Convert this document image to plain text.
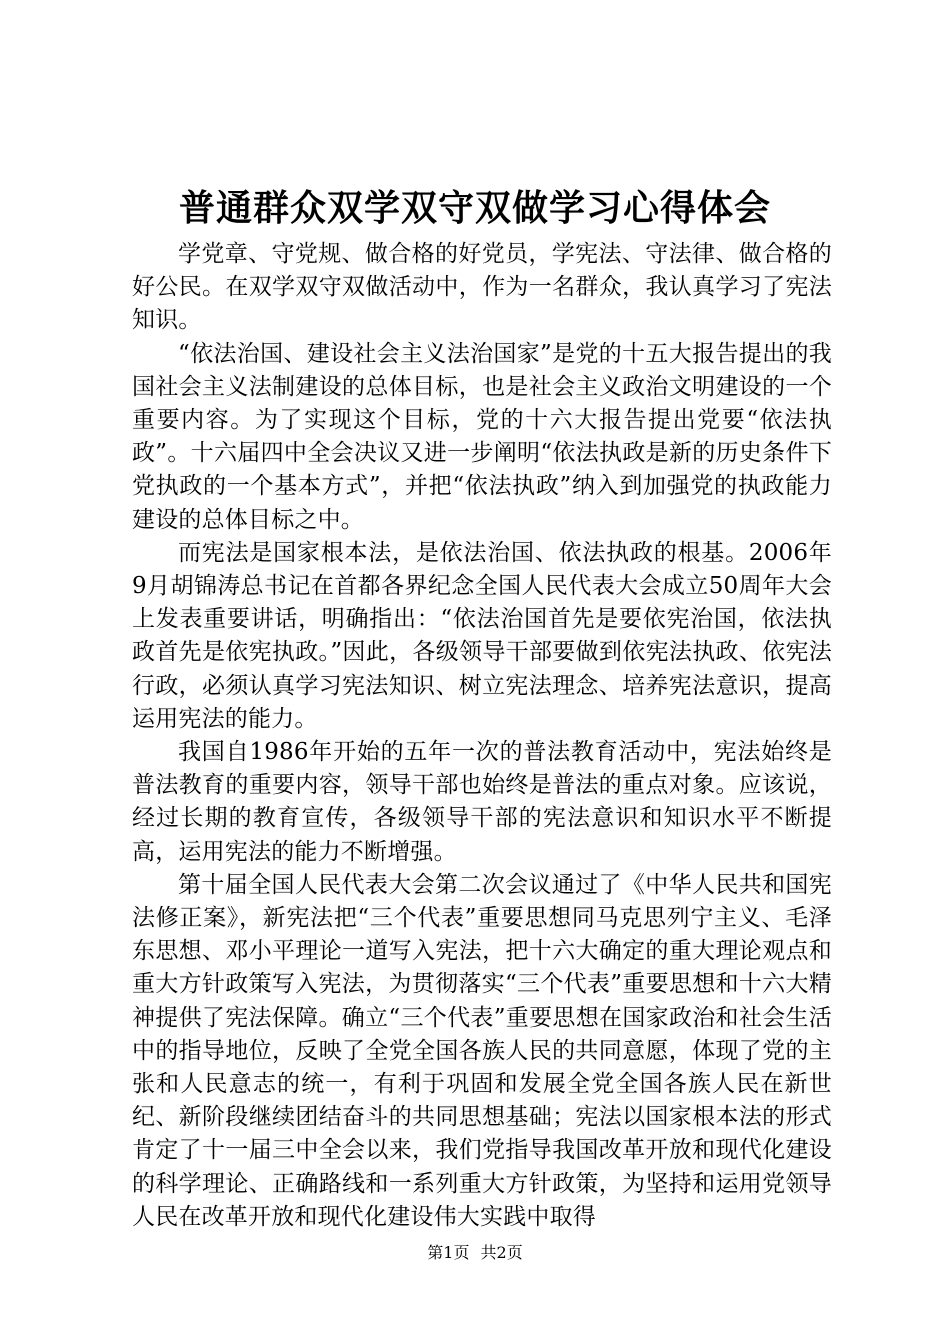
普通群众双学双守双做学习心得体会

学党章、守党规、做合格的好党员，学宪法、守法律、做合格的好公民。在双学双守双做活动中，作为一名群众，我认真学习了宪法知识。

“依法治国、建设社会主义法治国家”是党的十五大报告提出的我国社会主义法制建设的总体目标，也是社会主义政治文明建设的一个重要内容。为了实现这个目标，党的十六大报告提出党要“依法执政”。十六届四中全会决议又进一步阐明“依法执政是新的历史条件下党执政的一个基本方式”，并把“依法执政”纳入到加强党的执政能力建设的总体目标之中。

而宪法是国家根本法，是依法治国、依法执政的根基。2006年9月胡锦涛总书记在首都各界纪念全国人民代表大会成立50周年大会上发表重要讲话，明确指出：“依法治国首先是要依宪治国，依法执政首先是依宪执政。”因此，各级领导干部要做到依宪法执政、依宪法行政，必须认真学习宪法知识、树立宪法理念、培养宪法意识，提高运用宪法的能力。

我国自1986年开始的五年一次的普法教育活动中，宪法始终是普法教育的重要内容，领导干部也始终是普法的重点对象。应该说，经过长期的教育宣传，各级领导干部的宪法意识和知识水平不断提高，运用宪法的能力不断增强。

第十届全国人民代表大会第二次会议通过了《中华人民共和国宪法修正案》，新宪法把“三个代表”重要思想同马克思列宁主义、毛泽东思想、邓小平理论一道写入宪法，把十六大确定的重大理论观点和重大方针政策写入宪法，为贯彻落实“三个代表”重要思想和十六大精神提供了宪法保障。确立“三个代表”重要思想在国家政治和社会生活中的指导地位，反映了全党全国各族人民的共同意愿，体现了党的主张和人民意志的统一，有利于巩固和发展全党全国各族人民在新世纪、新阶段继续团结奋斗的共同思想基础；宪法以国家根本法的形式肯定了十一届三中全会以来，我们党指导我国改革开放和现代化建设的科学理论、正确路线和一系列重大方针政策，为坚持和运用党领导人民在改革开放和现代化建设伟大实践中取得

第1页 共2页
